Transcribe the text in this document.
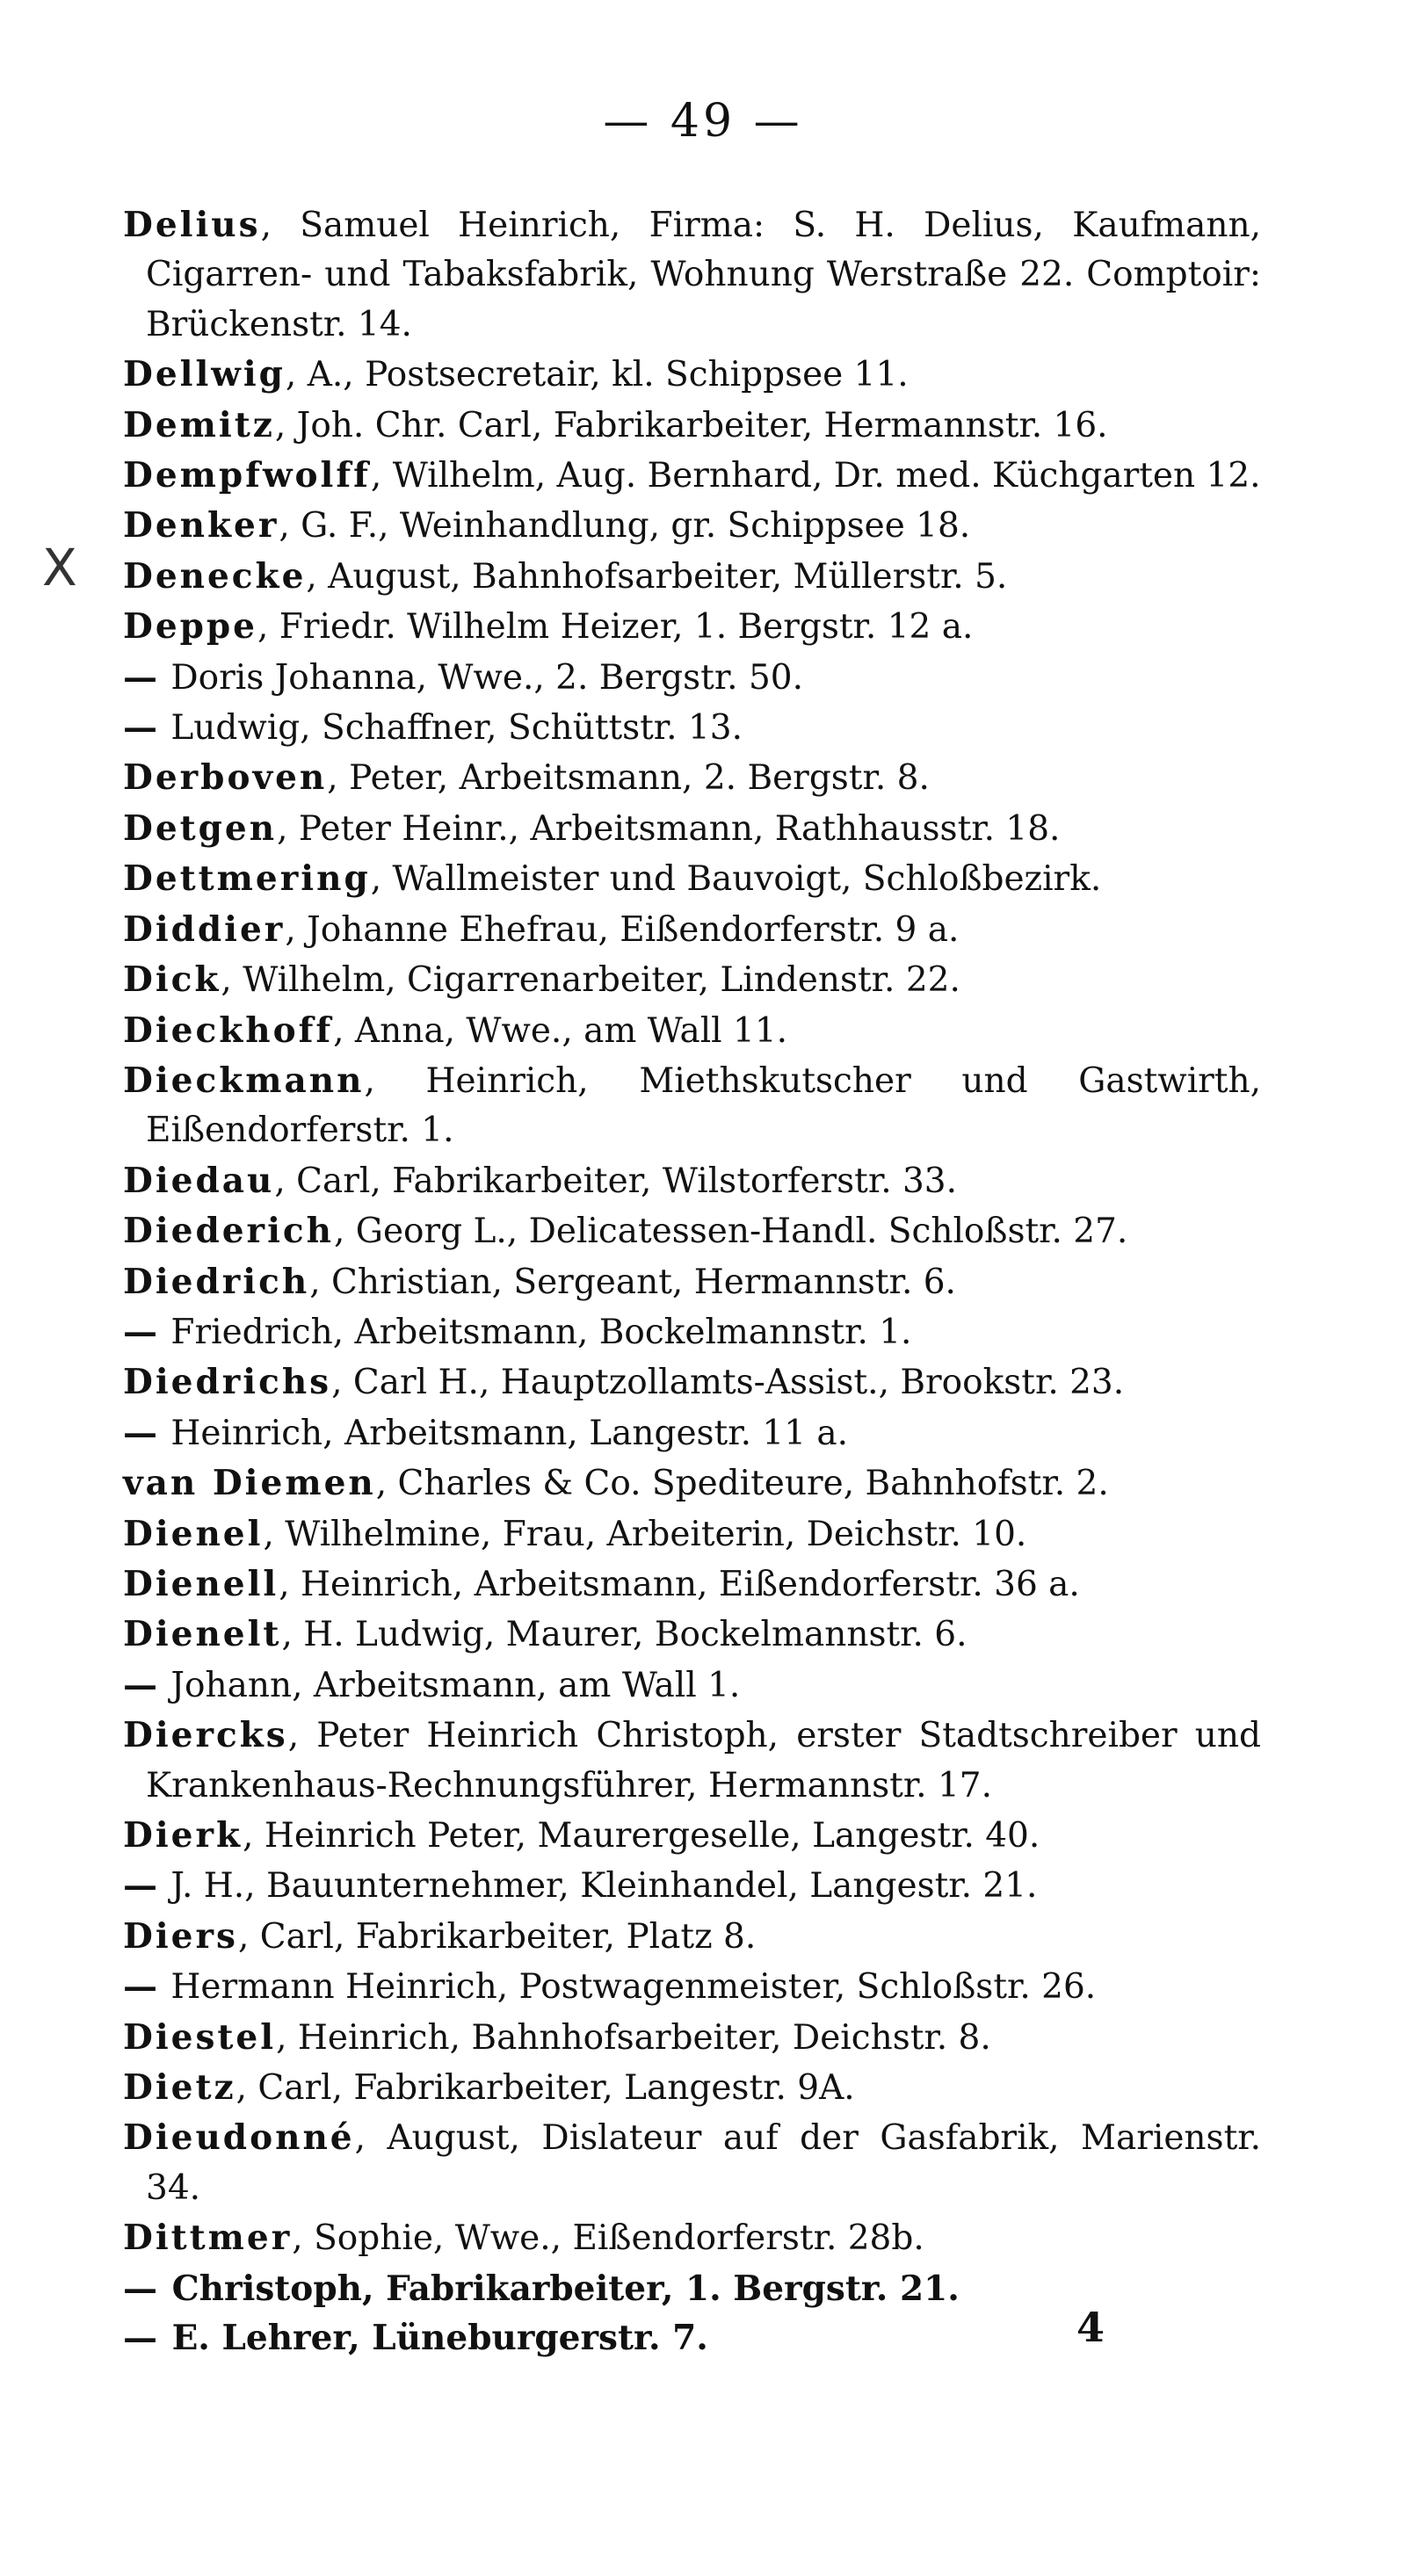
— 49 —
X
Delius, Samuel Heinrich, Firma: S. H. Delius, Kaufmann, Cigarren- und Tabaksfabrik, Wohnung Werstraße 22. Comptoir: Brückenstr. 14.
Dellwig, A., Postsecretair, kl. Schippsee 11.
Demitz, Joh. Chr. Carl, Fabrikarbeiter, Hermannstr. 16.
Dempfwolff, Wilhelm, Aug. Bernhard, Dr. med. Küchgarten 12.
Denker, G. F., Weinhandlung, gr. Schippsee 18.
Denecke, August, Bahnhofsarbeiter, Müllerstr. 5.
Deppe, Friedr. Wilhelm Heizer, 1. Bergstr. 12 a.
— Doris Johanna, Wwe., 2. Bergstr. 50.
— Ludwig, Schaffner, Schüttstr. 13.
Derboven, Peter, Arbeitsmann, 2. Bergstr. 8.
Detgen, Peter Heinr., Arbeitsmann, Rathhausstr. 18.
Dettmering, Wallmeister und Bauvoigt, Schloßbezirk.
Diddier, Johanne Ehefrau, Eißendorferstr. 9 a.
Dick, Wilhelm, Cigarrenarbeiter, Lindenstr. 22.
Dieckhoff, Anna, Wwe., am Wall 11.
Dieckmann, Heinrich, Miethskutscher und Gastwirth, Eißendorferstr. 1.
Diedau, Carl, Fabrikarbeiter, Wilstorferstr. 33.
Diederich, Georg L., Delicatessen-Handl. Schloßstr. 27.
Diedrich, Christian, Sergeant, Hermannstr. 6.
— Friedrich, Arbeitsmann, Bockelmannstr. 1.
Diedrichs, Carl H., Hauptzollamts-Assist., Brookstr. 23.
— Heinrich, Arbeitsmann, Langestr. 11 a.
van Diemen, Charles & Co. Spediteure, Bahnhofstr. 2.
Dienel, Wilhelmine, Frau, Arbeiterin, Deichstr. 10.
Dienell, Heinrich, Arbeitsmann, Eißendorferstr. 36 a.
Dienelt, H. Ludwig, Maurer, Bockelmannstr. 6.
— Johann, Arbeitsmann, am Wall 1.
Diercks, Peter Heinrich Christoph, erster Stadtschreiber und Krankenhaus-Rechnungsführer, Hermannstr. 17.
Dierk, Heinrich Peter, Maurergeselle, Langestr. 40.
— J. H., Bauunternehmer, Kleinhandel, Langestr. 21.
Diers, Carl, Fabrikarbeiter, Platz 8.
— Hermann Heinrich, Postwagenmeister, Schloßstr. 26.
Diestel, Heinrich, Bahnhofsarbeiter, Deichstr. 8.
Dietz, Carl, Fabrikarbeiter, Langestr. 9A.
Dieudonné, August, Dislateur auf der Gasfabrik, Marienstr. 34.
Dittmer, Sophie, Wwe., Eißendorferstr. 28b.
— Christoph, Fabrikarbeiter, 1. Bergstr. 21.
— E. Lehrer, Lüneburgerstr. 7.	4
